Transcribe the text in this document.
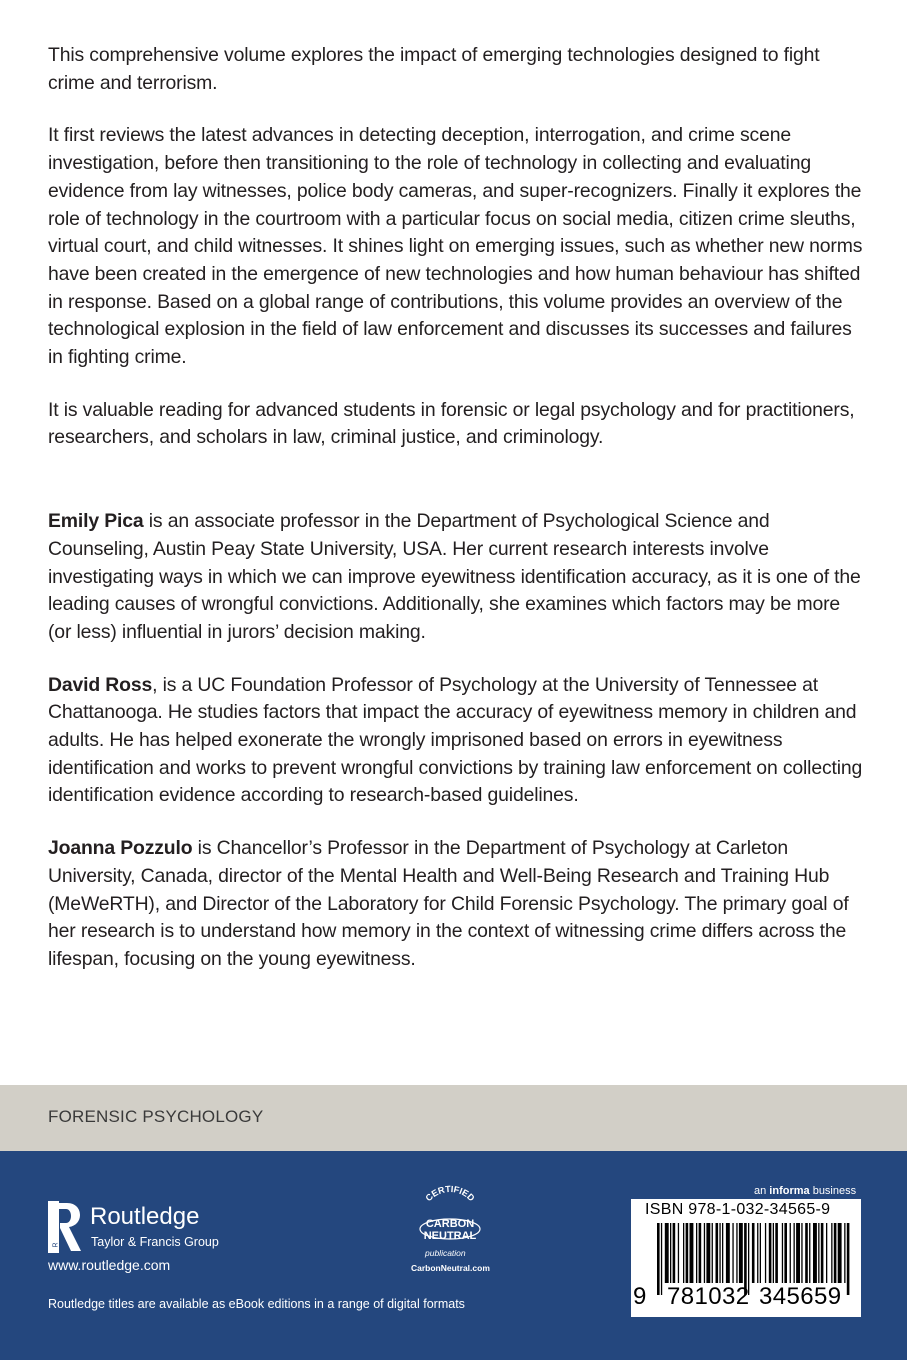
This comprehensive volume explores the impact of emerging technologies designed to fight crime and terrorism.

It first reviews the latest advances in detecting deception, interrogation, and crime scene investigation, before then transitioning to the role of technology in collecting and evaluating evidence from lay witnesses, police body cameras, and super-recognizers. Finally it explores the role of technology in the courtroom with a particular focus on social media, citizen crime sleuths, virtual court, and child witnesses. It shines light on emerging issues, such as whether new norms have been created in the emergence of new technologies and how human behaviour has shifted in response. Based on a global range of contributions, this volume provides an overview of the technological explosion in the field of law enforcement and discusses its successes and failures in fighting crime.

It is valuable reading for advanced students in forensic or legal psychology and for practitioners, researchers, and scholars in law, criminal justice, and criminology.

Emily Pica is an associate professor in the Department of Psychological Science and Counseling, Austin Peay State University, USA. Her current research interests involve investigating ways in which we can improve eyewitness identification accuracy, as it is one of the leading causes of wrongful convictions. Additionally, she examines which factors may be more (or less) influential in jurors’ decision making.

David Ross, is a UC Foundation Professor of Psychology at the University of Tennessee at Chattanooga. He studies factors that impact the accuracy of eyewitness memory in children and adults. He has helped exonerate the wrongly imprisoned based on errors in eyewitness identification and works to prevent wrongful convictions by training law enforcement on collecting identification evidence according to research-based guidelines.

Joanna Pozzulo is Chancellor’s Professor in the Department of Psychology at Carleton University, Canada, director of the Mental Health and Well-Being Research and Training Hub (MeWeRTH), and Director of the Laboratory for Child Forensic Psychology. The primary goal of her research is to understand how memory in the context of witnessing crime differs across the lifespan, focusing on the young eyewitness.

FORENSIC PSYCHOLOGY
R
Routledge
Taylor & Francis Group
www.routledge.com
Routledge titles are available as eBook editions in a range of digital formats
CERTIFIED
CARBON
NEUTRAL
publication
CarbonNeutral.com
an informa business
ISBN 978-1-032-34565-9
9 781032 345659
